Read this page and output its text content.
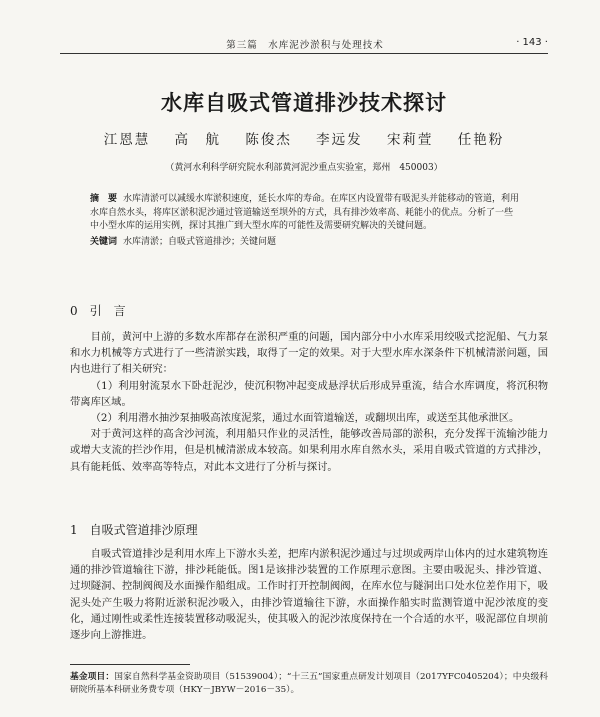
第三篇　水库泥沙淤积与处理技术	· 143 ·
水库自吸式管道排沙技术探讨
江恩慧 高　航 陈俊杰 李远发 宋莉萱 任艳粉
（黄河水利科学研究院水利部黄河泥沙重点实验室，郑州　450003）

摘　要 水库清淤可以减缓水库淤积速度，延长水库的寿命。在库区内设置带有吸泥头并能移动的管道，利用水库自然水头，将库区淤积泥沙通过管道输送至坝外的方式，具有排沙效率高、耗能小的优点。分析了一些中小型水库的运用实例，探讨其推广到大型水库的可能性及需要研究解决的关键问题。

关键词 水库清淤；自吸式管道排沙；关键问题

0 引　言

目前，黄河中上游的多数水库都存在淤积严重的问题，国内部分中小水库采用绞吸式挖泥船、气力泵和水力机械等方式进行了一些清淤实践，取得了一定的效果。对于大型水库水深条件下机械清淤问题，国内也进行了相关研究：

（1）利用射流泵水下卧赶泥沙，使沉积物冲起变成悬浮状后形成异重流，结合水库调度，将沉积物带离库区域。

（2）利用潜水抽沙泵抽吸高浓度泥浆，通过水面管道输送，或翻坝出库，或送至其他承泄区。

对于黄河这样的高含沙河流，利用船只作业的灵活性，能够改善局部的淤积，充分发挥干流输沙能力或增大支流的拦沙作用，但是机械清淤成本较高。如果利用水库自然水头，采用自吸式管道的方式排沙，具有能耗低、效率高等特点，对此本文进行了分析与探讨。

1 自吸式管道排沙原理

自吸式管道排沙是利用水库上下游水头差，把库内淤积泥沙通过与过坝或两岸山体内的过水建筑物连通的排沙管道输往下游，排沙耗能低。图1是该排沙装置的工作原理示意图。主要由吸泥头、排沙管道、过坝隧洞、控制阀阀及水面操作船组成。工作时打开控制阀阀，在库水位与隧洞出口处水位差作用下，吸泥头处产生吸力将附近淤积泥沙吸入，由排沙管道输往下游，水面操作船实时监测管道中泥沙浓度的变化，通过刚性或柔性连接装置移动吸泥头，使其吸入的泥沙浓度保持在一个合适的水平，吸泥部位自坝前逐步向上游推进。

基金项目：国家自然科学基金资助项目（51539004）；“十三五”国家重点研发计划项目（2017YFC0405204）；中央级科研院所基本科研业务费专项（HKY－JBYW－2016－35）。
